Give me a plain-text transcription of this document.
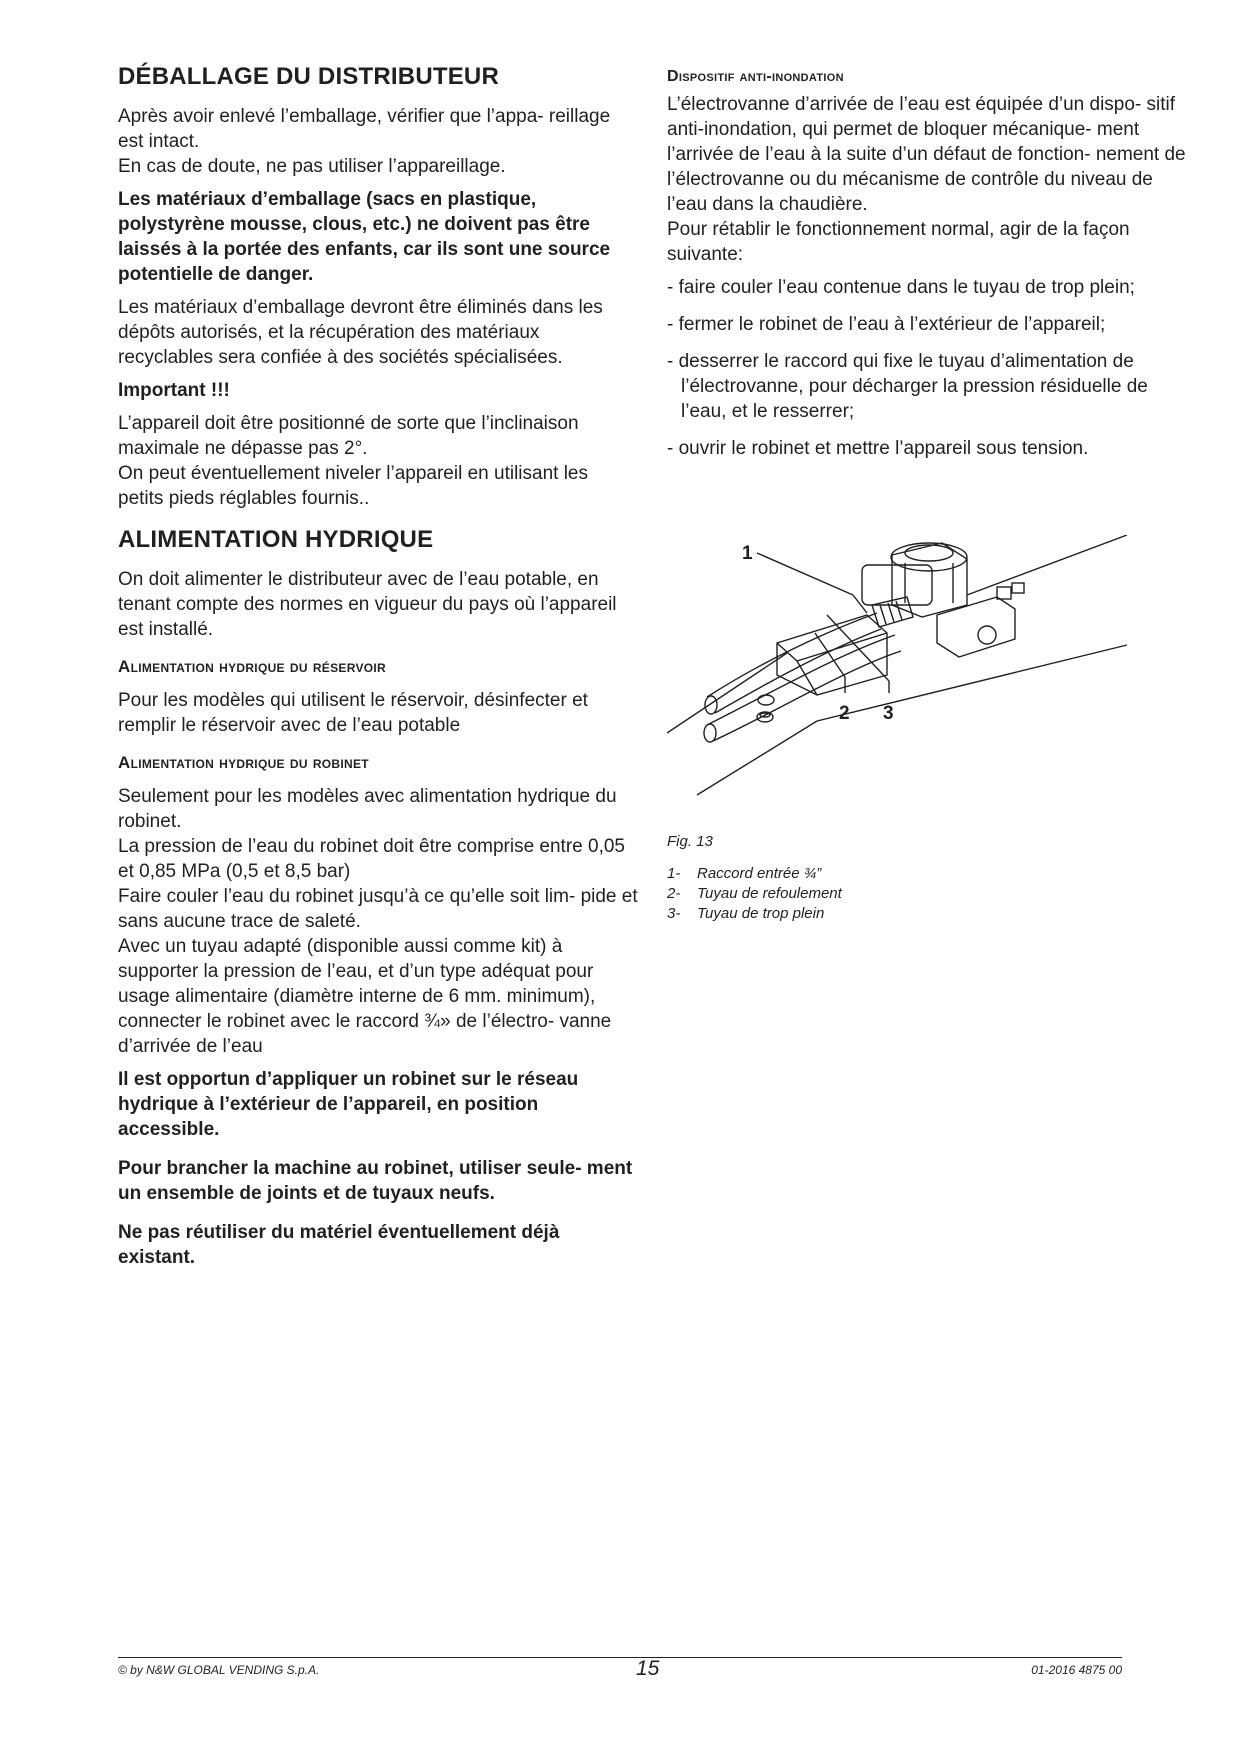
DÉBALLAGE DU DISTRIBUTEUR

Après avoir enlevé l’emballage, vérifier que l’appa- reillage est intact.

En cas de doute, ne pas utiliser l’appareillage.

Les matériaux d’emballage (sacs en plastique, polystyrène mousse, clous, etc.) ne doivent pas être laissés à la portée des enfants, car ils sont une source potentielle de danger.

Les matériaux d’emballage devront être éliminés dans les dépôts autorisés, et la récupération des matériaux recyclables sera confiée à des sociétés spécialisées.

Important !!!

L’appareil doit être positionné de sorte que l’inclinaison maximale ne dépasse pas 2°.

On peut éventuellement niveler l’appareil en utilisant les petits pieds réglables fournis..

ALIMENTATION HYDRIQUE

On doit alimenter le distributeur avec de l’eau potable, en tenant compte des normes en vigueur du pays où l’appareil est installé.

Alimentation hydrique du réservoir

Pour les modèles qui utilisent le réservoir, désinfecter et remplir le réservoir avec de l’eau potable

Alimentation hydrique du robinet

Seulement pour les modèles avec alimentation hydrique du robinet.

La pression de l’eau du robinet doit être comprise entre 0,05 et 0,85 MPa (0,5 et 8,5 bar)

Faire couler l’eau du robinet jusqu’à ce qu’elle soit lim- pide et sans aucune trace de saleté.

Avec un tuyau adapté (disponible aussi comme kit) à supporter la pression de l’eau, et d’un type adéquat pour usage alimentaire (diamètre interne de 6 mm. minimum), connecter le robinet avec le raccord ¾» de l’électro- vanne d’arrivée de l’eau

Il est opportun d’appliquer un robinet sur le réseau hydrique à l’extérieur de l’appareil, en position accessible.

Pour brancher la machine au robinet, utiliser seule- ment un ensemble de joints et de tuyaux neufs.

Ne pas réutiliser du matériel éventuellement déjà existant.

Dispositif anti-inondation

L’électrovanne d’arrivée de l’eau est équipée d’un dispo- sitif anti-inondation, qui permet de bloquer mécanique- ment l’arrivée de l’eau à la suite d’un défaut de fonction- nement de l’électrovanne ou du mécanisme de contrôle du niveau de l’eau dans la chaudière.

Pour rétablir le fonctionnement normal, agir de la façon suivante:

- faire couler l’eau contenue dans le tuyau de trop plein;
- fermer le robinet de l’eau à l’extérieur de l’appareil;
- desserrer le raccord qui fixe le tuyau d’alimentation de l’électrovanne, pour décharger la pression résiduelle de l’eau, et le resserrer;
- ouvrir le robinet et mettre l’appareil sous tension.
1
2 3
Fig. 13
1-	Raccord entrée ¾”
2-	Tuyau de refoulement
3-	Tuyau de trop plein
© by N&W GLOBAL VENDING S.p.A.	15	01-2016 4875 00
